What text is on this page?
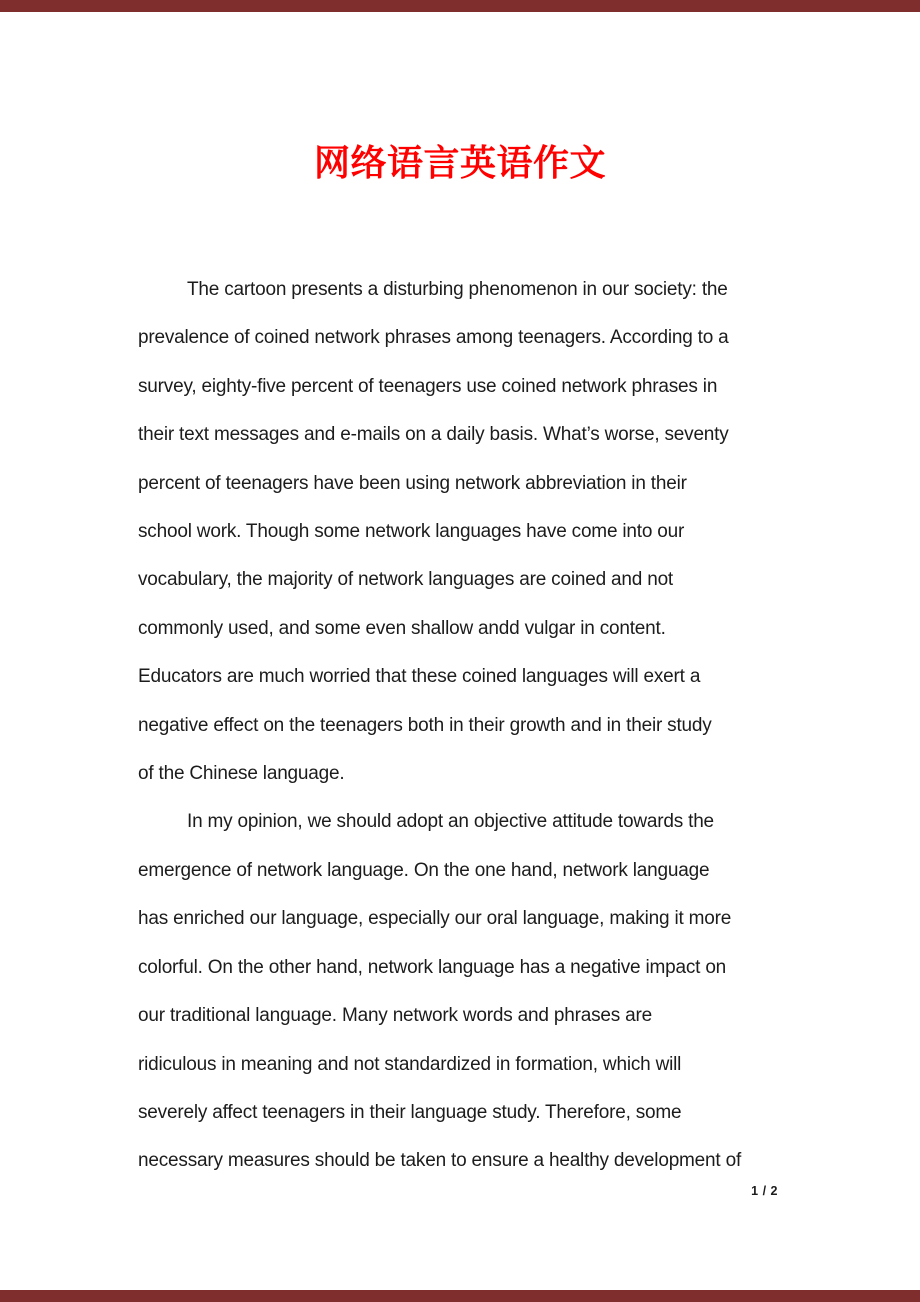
网络语言英语作文

The cartoon presents a disturbing phenomenon in our society: the
prevalence of coined network phrases among teenagers. According to a
survey, eighty-five percent of teenagers use coined network phrases in
their text messages and e-mails on a daily basis. What’s worse, seventy
percent of teenagers have been using network abbreviation in their
school work. Though some network languages have come into our
vocabulary, the majority of network languages are coined and not
commonly used, and some even shallow andd vulgar in content.
Educators are much worried that these coined languages will exert a
negative effect on the teenagers both in their growth and in their study
of the Chinese language.

In my opinion, we should adopt an objective attitude towards the
emergence of network language. On the one hand, network language
has enriched our language, especially our oral language, making it more
colorful. On the other hand, network language has a negative impact on
our traditional language. Many network words and phrases are
ridiculous in meaning and not standardized in formation, which will
severely affect teenagers in their language study. Therefore, some
necessary measures should be taken to ensure a healthy development of

1 / 2
